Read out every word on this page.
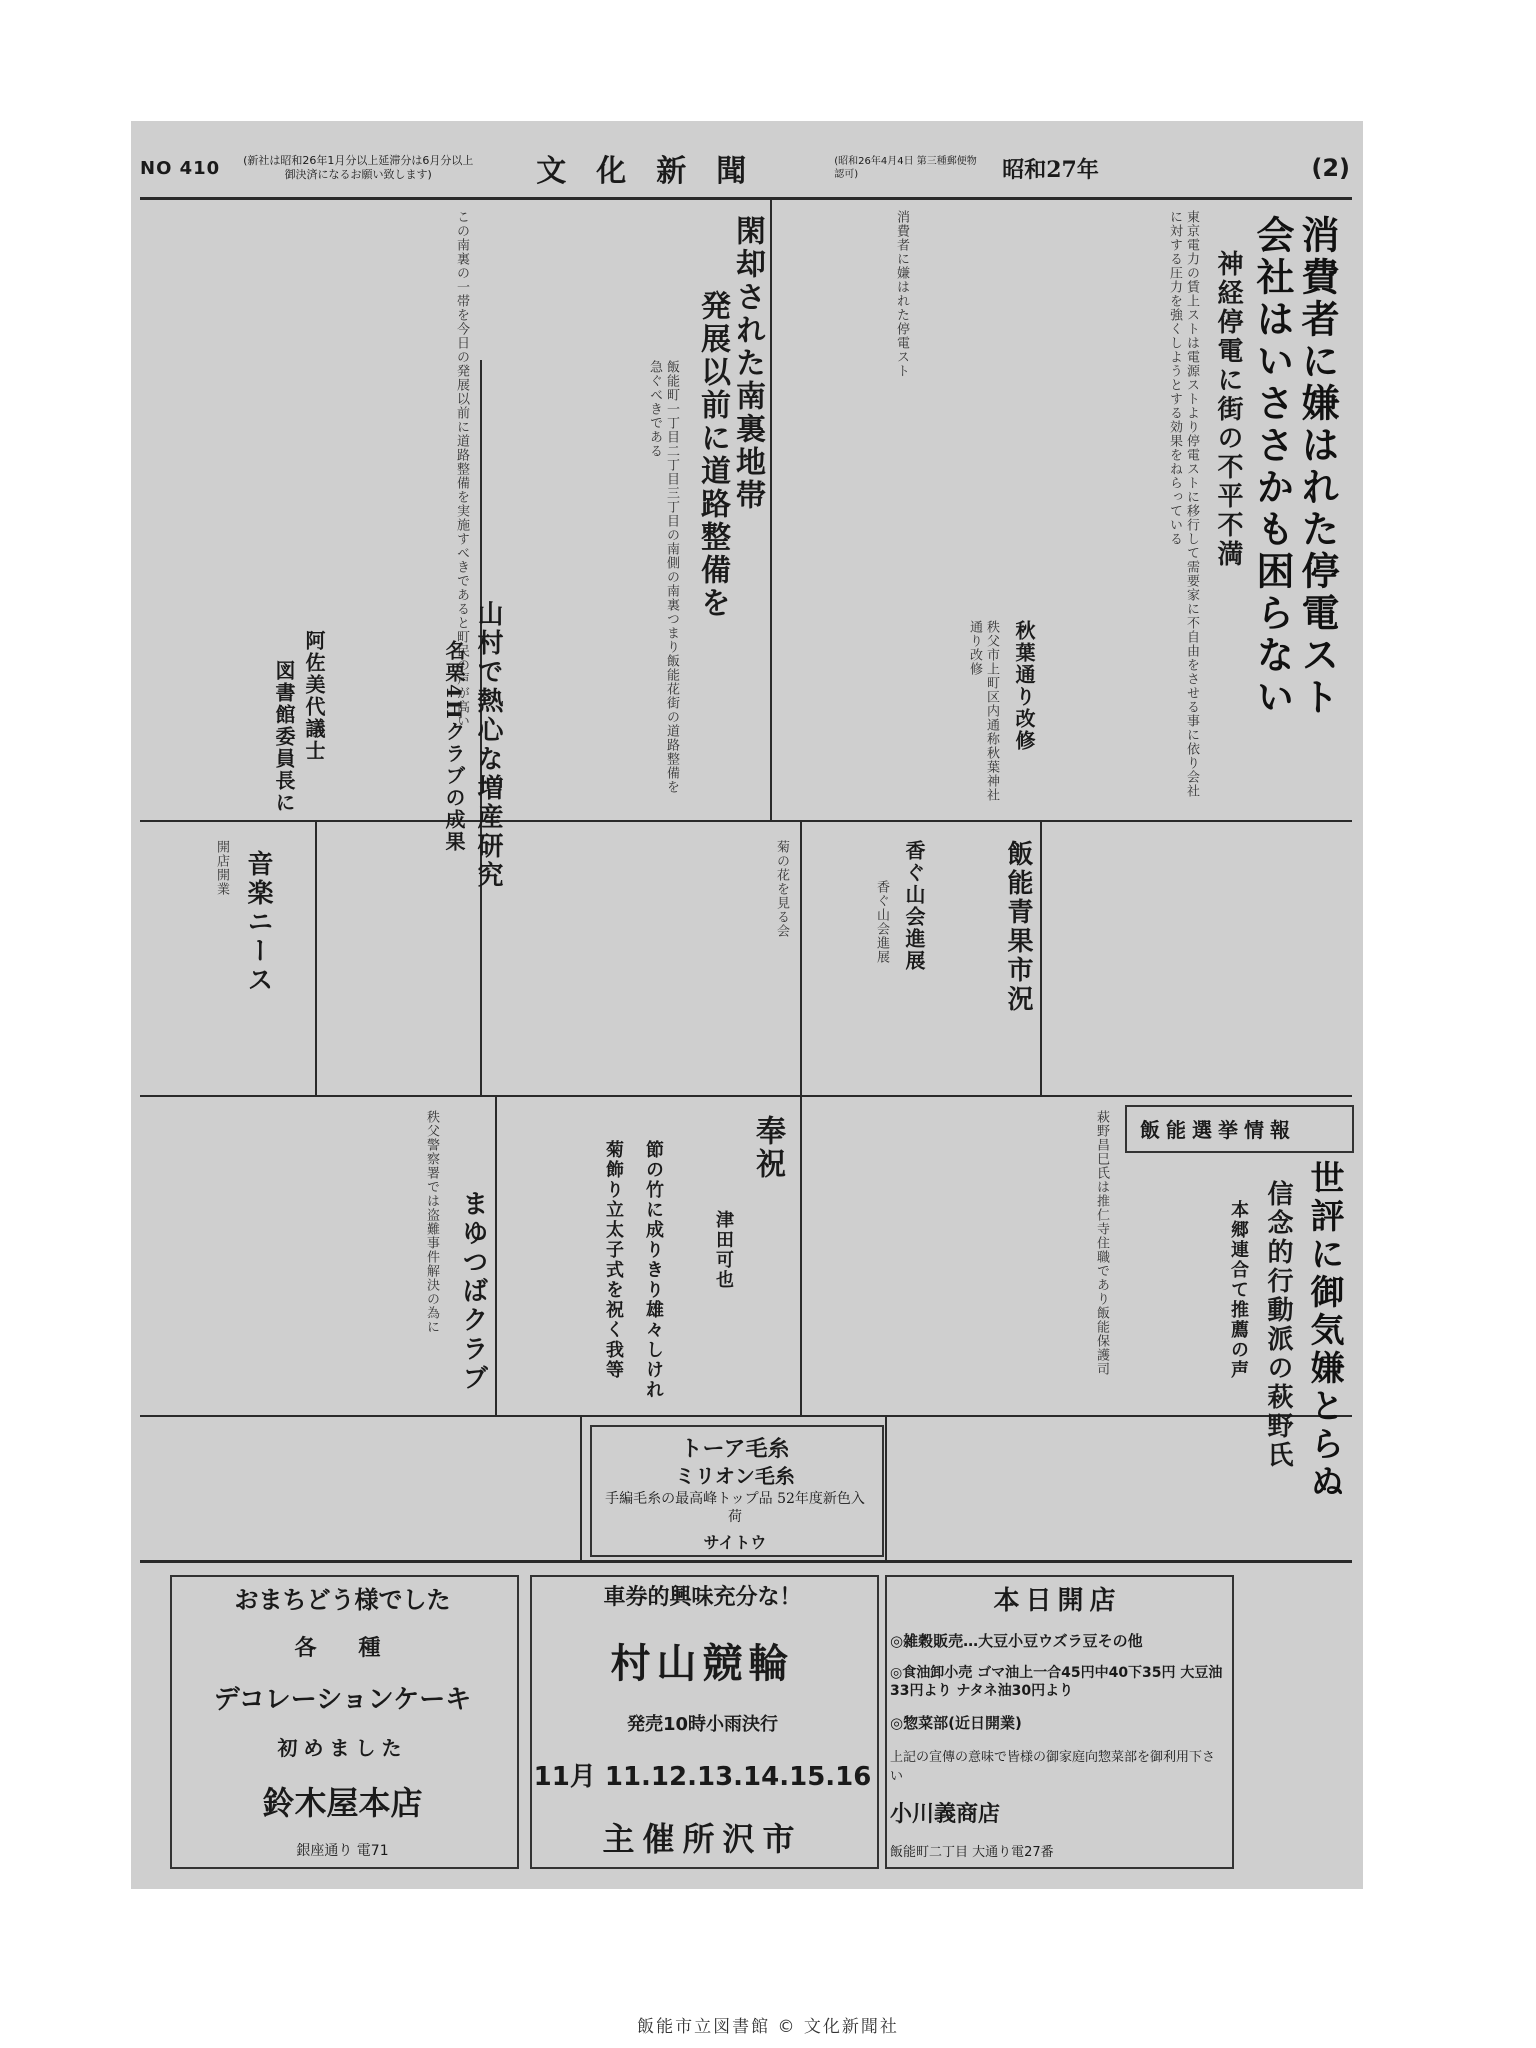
NO 410	(新社は昭和26年1月分以上延滞分は6月分以上御決済になるお願い致します)	文化新聞	(昭和26年4月4日 第三種郵便物認可)	昭和27年	(2)
消費者に嫌はれた停電スト
会社はいささかも困らない
神経停電に街の不平不満
東京電力の賃上ストは電源ストより停電ストに移行して需要家に不自由をさせる事に依り会社に対する圧力を強くしようとする効果をねらっている
消費者に嫌はれた停電スト
閑却された南裏地帯
発展以前に道路整備を
飯能町一丁目二丁目三丁目の南側の南裏つまり飯能花街の道路整備を急ぐべきである
この南裏の一帯を今日の発展以前に道路整備を実施すべきであると町民の声が高い	秋葉通り改修
秩父市上町区内通称秋葉神社通り改修
山村で熱心な増産研究
名栗4Hクラブの成果
阿佐美代議士
図書館委員長に
飯能青果市況
香ぐ山会進展
香ぐ山会進展
菊の花を見る会
音楽ニース
開店開業
飯能選挙情報
世評に御気嫌とらぬ
信念的行動派の萩野氏
本郷連合て推薦の声
萩野昌巳氏は推仁寺住職であり飯能保護司
奉祝
津田可也
節の竹に成りきり雄々しけれ
菊飾り立太子式を祝く我等
まゆつばクラブ
秩父警察署では盗難事件解決の為に
トーア毛糸
ミリオン毛糸
手編毛糸の最高峰トップ品 52年度新色入荷
サイトウ
おまちどう様でした
各　種
デコレーションケーキ
初めました
鈴木屋本店
銀座通り 電71
車券的興味充分な！
村山競輪
発売10時小雨決行
11月 11.12.13.14.15.16
主催所沢市
本日開店
◎雑穀販売…大豆小豆ウズラ豆その他
◎食油卸小売 ゴマ油上一合45円中40下35円 大豆油33円より ナタネ油30円より
◎惣菜部(近日開業)
上記の宣傳の意味で皆様の御家庭向惣菜部を御利用下さい
小川義商店
飯能町二丁目 大通り電27番
飯能市立図書館 © 文化新聞社
